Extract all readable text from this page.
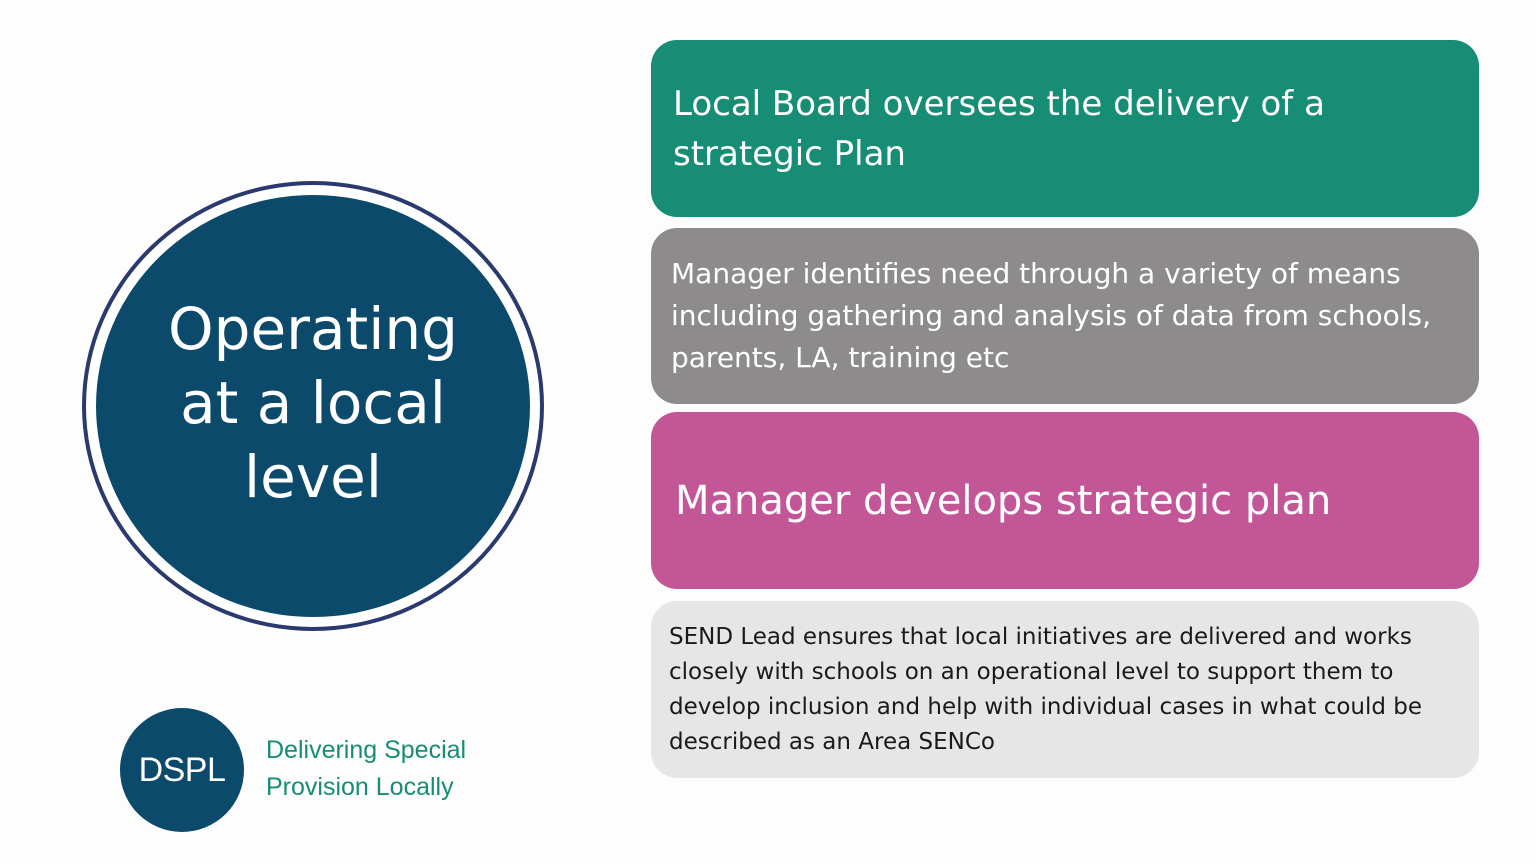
Operating at a local level
Local Board oversees the delivery of a strategic Plan
Manager identifies need through a variety of means including gathering and analysis of data from schools, parents, LA, training etc
Manager develops strategic plan
SEND Lead ensures that local initiatives are delivered and works closely with schools on an operational level to support them to develop inclusion and help with individual cases in what could be described as an Area SENCo
DSPL
Delivering Special
Provision Locally
